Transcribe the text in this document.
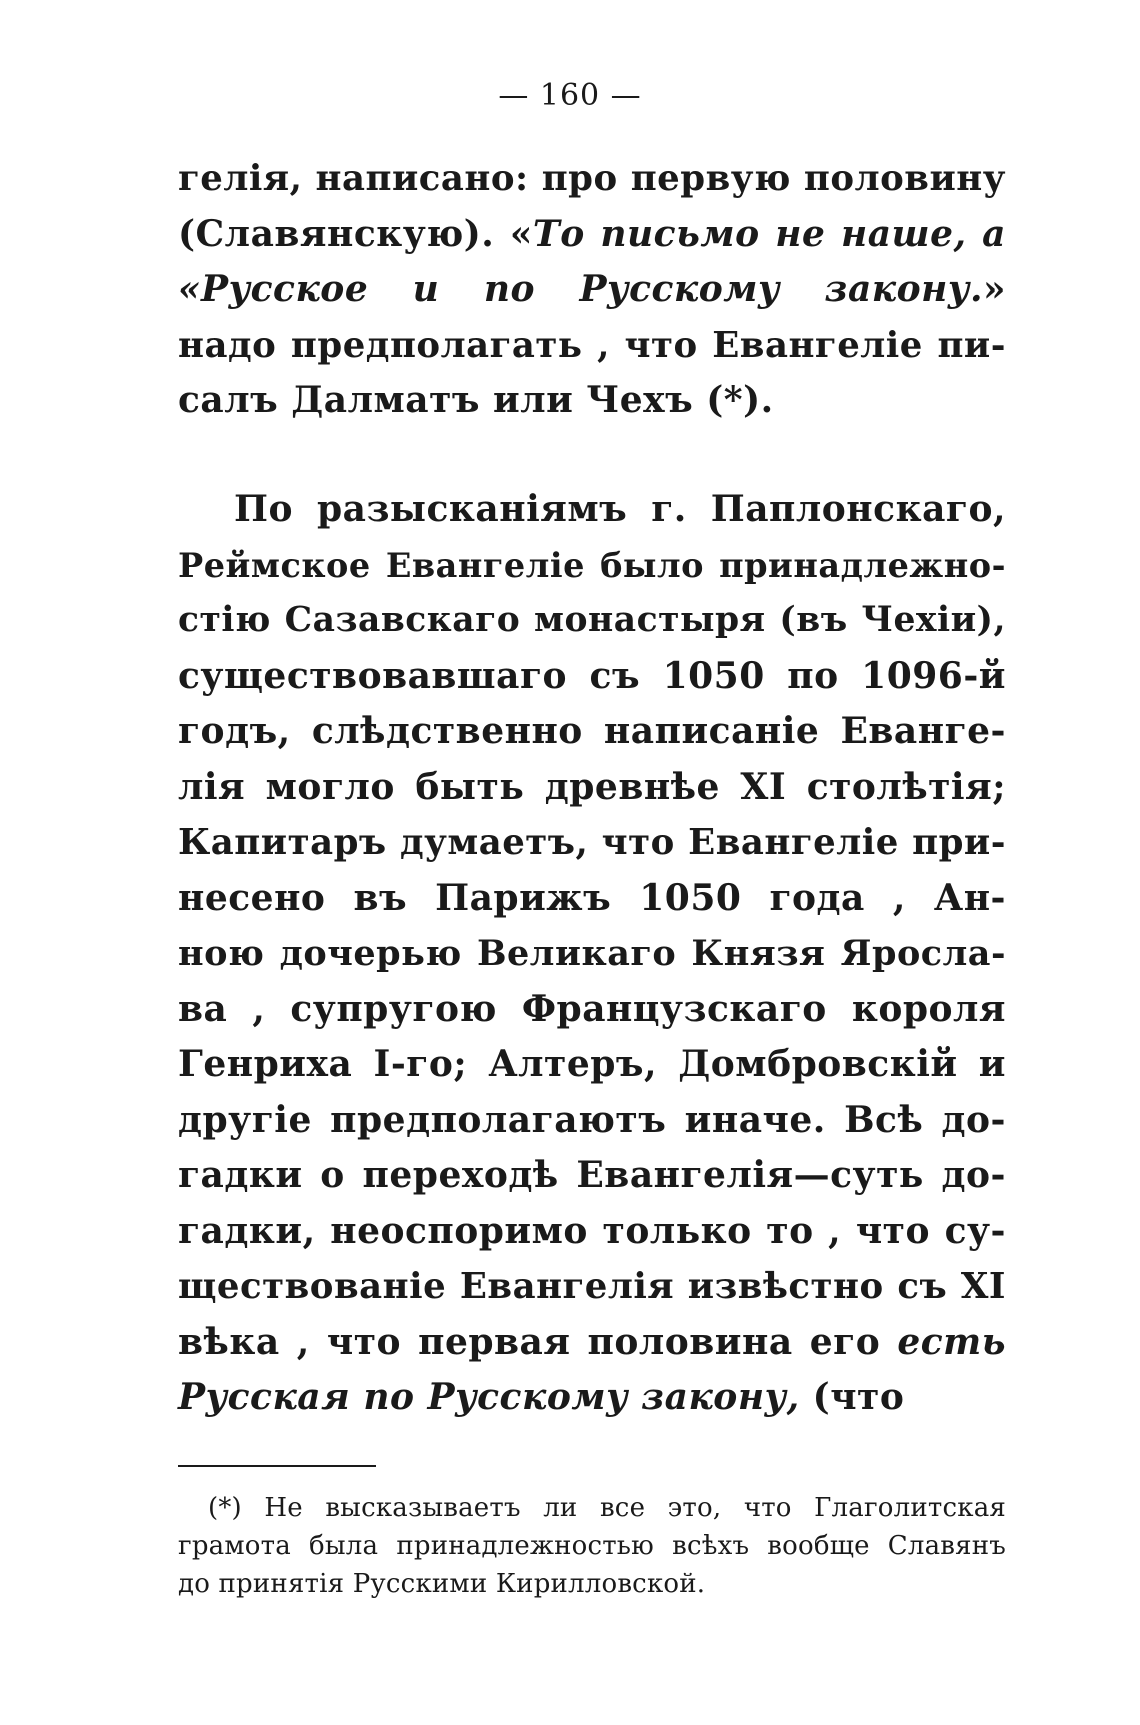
— 160 —
гелія, написано: про первую половину
(Славянскую). «То письмо не наше, а
«Русское и по Русскому закону.»
надо предполагать , что Евангеліе пи-
салъ Далматъ или Чехъ (*).
По разысканіямъ г. Паплонскаго,
Реймское Евангеліе было принадлежно-
стію Сазавскаго монастыря (въ Чехіи),
существовавшаго съ 1050 по 1096-й
годъ, слѣдственно написаніе Еванге-
лія могло быть древнѣе XI столѣтія;
Капитаръ думаетъ, что Евангеліе при-
несено въ Парижъ 1050 года , Ан-
ною дочерью Великаго Князя Яросла-
ва , супругою Французскаго короля
Генриха І-го; Алтеръ, Домбровскій и
другіе предполагаютъ иначе. Всѣ до-
гадки о переходѣ Евангелія—суть до-
гадки, неоспоримо только то , что су-
ществованіе Евангелія извѣстно съ XI
вѣка , что первая половина его есть
Русская по Русскому закону, (что
(*) Не высказываетъ ли все это, что Глаголитская
грамота была принадлежностью всѣхъ вообще Славянъ
до принятія Русскими Кирилловской.
